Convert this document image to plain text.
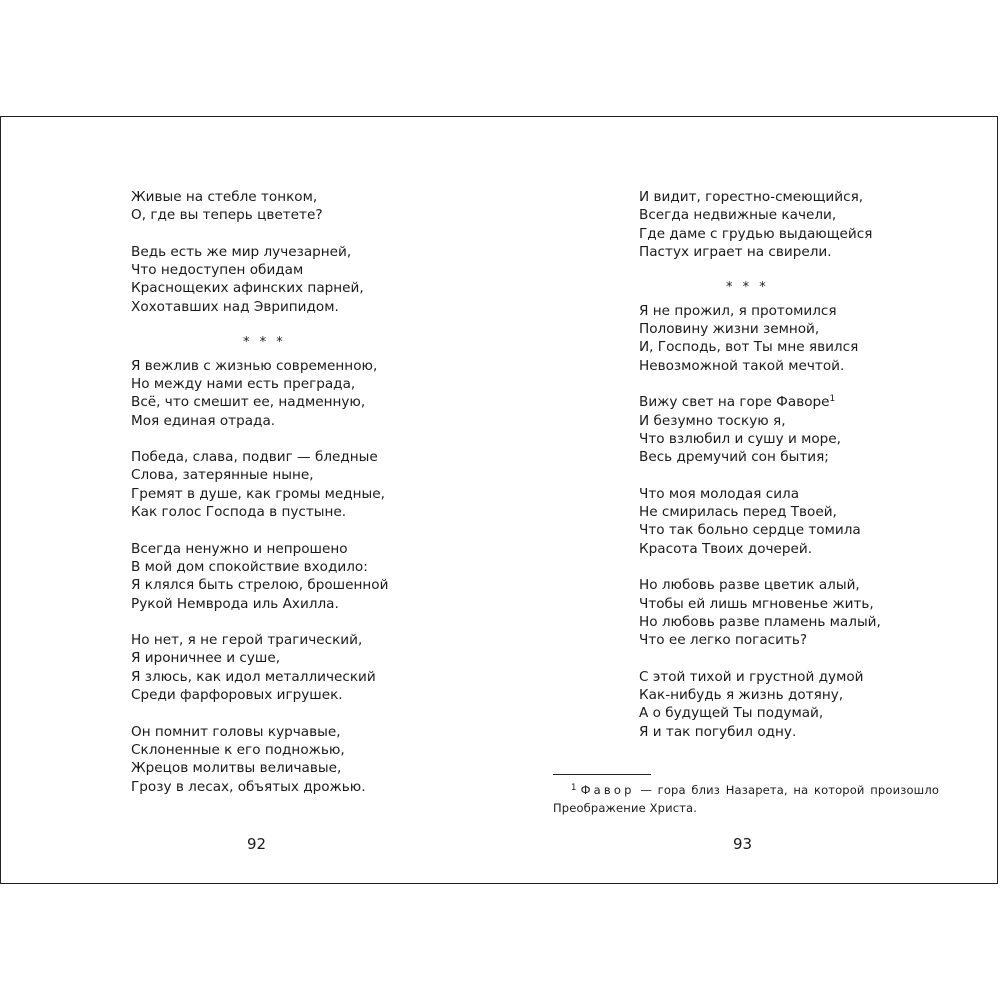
Живые на стебле тонком,
О, где вы теперь цветете?
Ведь есть же мир лучезарней,
Что недоступен обидам
Краснощеких афинских парней,
Хохотавших над Эврипидом.
* * *
Я вежлив с жизнью современною,
Но между нами есть преграда,
Всё, что смешит ее, надменную,
Моя единая отрада.
Победа, слава, подвиг — бледные
Слова, затерянные ныне,
Гремят в душе, как громы медные,
Как голос Господа в пустыне.
Всегда ненужно и непрошено
В мой дом спокойствие входило:
Я клялся быть стрелою, брошенной
Рукой Немврода иль Ахилла.
Но нет, я не герой трагический,
Я ироничнее и суше,
Я злюсь, как идол металлический
Среди фарфоровых игрушек.
Он помнит головы курчавые,
Склоненные к его подножью,
Жрецов молитвы величавые,
Грозу в лесах, объятых дрожью.
92
И видит, горестно-смеющийся,
Всегда недвижные качели,
Где даме с грудью выдающейся
Пастух играет на свирели.
* * *
Я не прожил, я протомился
Половину жизни земной,
И, Господь, вот Ты мне явился
Невозможной такой мечтой.
Вижу свет на горе Фаворе$^1$
И безумно тоскую я,
Что взлюбил и сушу и море,
Весь дремучий сон бытия;
Что моя молодая сила
Не смирилась перед Твоей,
Что так больно сердце томила
Красота Твоих дочерей.
Но любовь разве цветик алый,
Чтобы ей лишь мгновенье жить,
Но любовь разве пламень малый,
Что ее легко погасить?
С этой тихой и грустной думой
Как-нибудь я жизнь дотяну,
А о будущей Ты подумай,
Я и так погубил одну.
$^1$ Фавор — гора близ Назарета, на которой произошло Преображение Христа.
93
